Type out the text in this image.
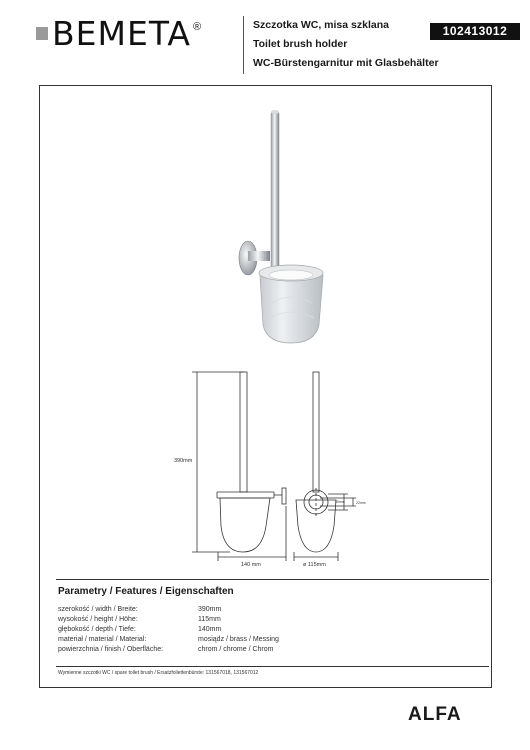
BEMETA ®	Szczotka WC, misa szklana
Toilet brush holder
WC-Bürstengarnitur mit Glasbehälter
102413012
390mm
140 mm	ø 115mm
30mm	22mm
Parametry / Features / Eigenschaften
szerokość / width / Breite:	390mm
wysokość / height / Höhe:	115mm
głębokość / depth / Tiefe:	140mm
materiał / material / Material:	mosiądz / brass / Messing
powierzchnia / finish / Oberfläche:	chrom / chrome / Chrom
Wymienne szczotki WC / spare toilet brush / Ersatzfoilettenbürste: 131567018, 131567012
ALFA
